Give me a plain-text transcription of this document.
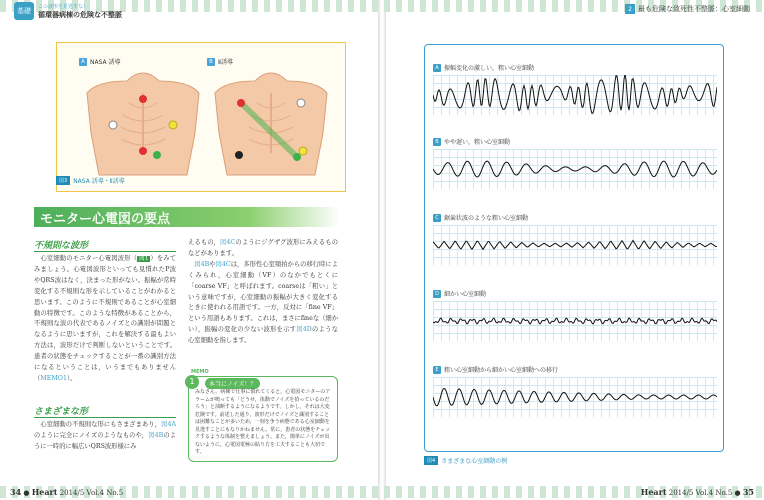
基礎	この波形を見逃すな！
循環器病棟の危険な不整脈
A NASA 誘導	B Ⅱ誘導
図3	NASA 誘導・Ⅱ誘導
モニター心電図の要点
不規則な波形
　心室細動のモニター心電図波形（ 図1 ）をみてみましょう。心電図波形といっても見慣れたP波やQRS波はなく，決まった形がない。振幅が常時変化する不規則な形を示していることがわかると思います。このように不規則であることが心室細動の特徴です。このような特徴があることから，不規則な波の代表であるノイズとの識別が問題となるように思いますが，これを解決する最もよい方法は，波形だけで判断しないということです。患者の状態をチェックすることが一番の識別方法になるということは，いうまでもありません（MEMO1）。
さまざまな形
　心室細動の不規則な形にもさまざまあり，図4Aのように完全にノイズのようなものや，図4Bのように一時的に幅広いQRS波形様にみ
えるもの，図4Cのようにジグザグ波形にみえるものなどがあります。
　図4Bや図4Cは，多形性心室頻拍からの移行時によくみられ，心室細動（VF）のなかでもとくに「coarse VF」と呼ばれます。coarseは「粗い」という意味ですが，心室細動の振幅が大きく変化するときに使われる用語です。一方，反対に「fine VF」という用語もあります。これは，まさにfineな（細かい），振幅の変化の少ない波形を示す図4Dのような心室細動を指します。
MEMO
1	本当にノイズ！？
みなさん，病棟で仕事に慣れてくると，心電図モニターのアラームが鳴っても「どうせ，体動でノイズを拾っているのだろう」と油断するようになるようです。しかし，それは大変危険です。前述した通り，波形だけでノイズと識別することは困難なことが多いため，一刻を争う病態である心室細動を見逃すことにもなりかねません。常に，患者の状態をチェックするような体制を整えましょう。また，簡単にノイズが出ないように，心電図電極の貼り方を工夫することも大切です。
34 ● Heart 2014/5 Vol.4 No.5
2 最も危険な致死性不整脈：心室細動
Heart 2014/5 Vol.4 No.5 ● 35
A 振幅変化の激しい，粗い心室細動
B やや遅い，粗い心室細動
C 鋸歯状波のような粗い心室細動
D 細かい心室細動
E 粗い心室細動から細かい心室細動への移行
図4	さまざまな心室細動の例
